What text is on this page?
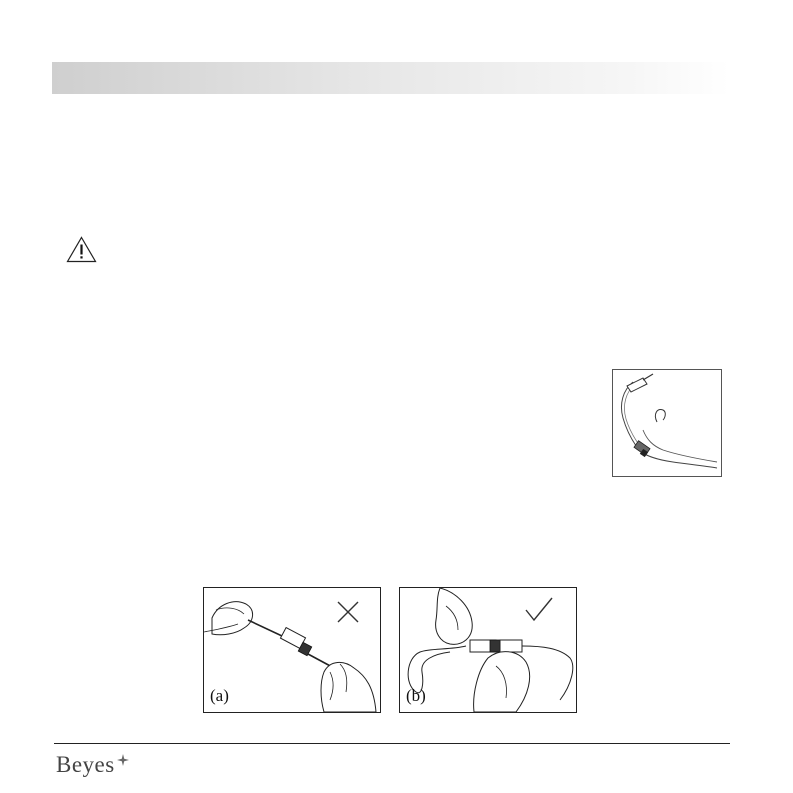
(a)	(b)
Beyes
